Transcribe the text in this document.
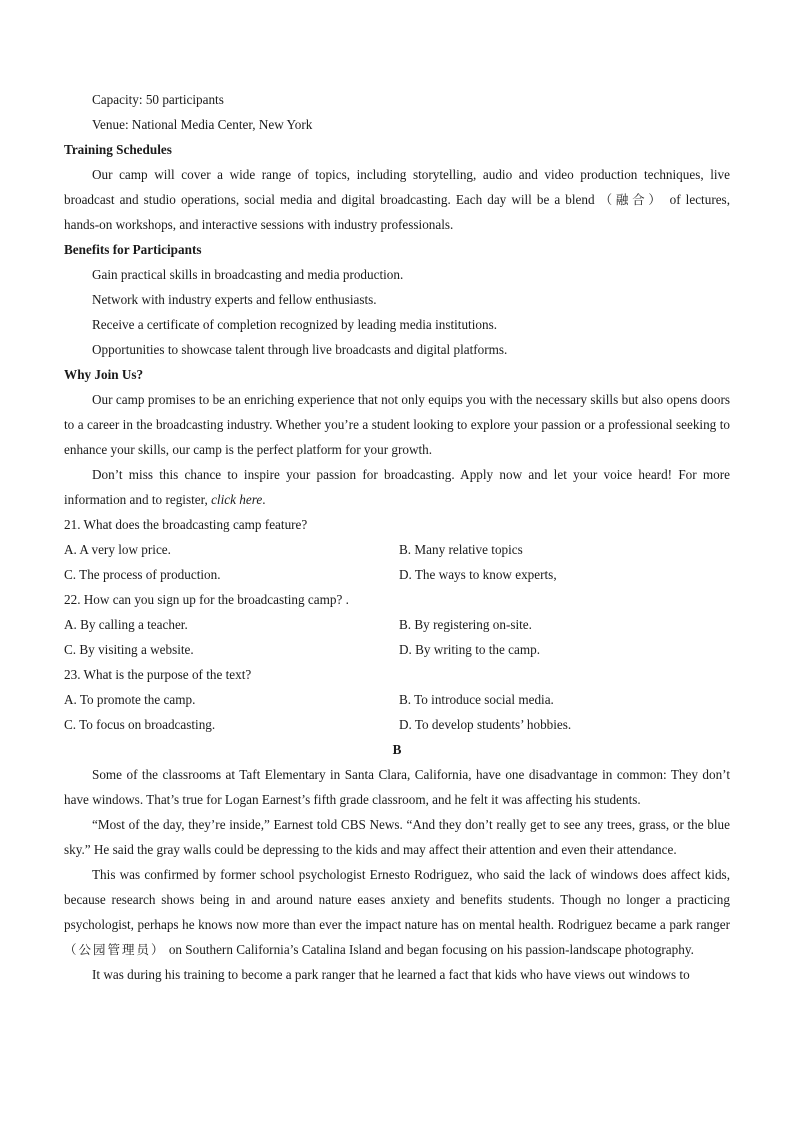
Capacity: 50 participants
Venue: National Media Center, New York
Training Schedules
Our camp will cover a wide range of topics, including storytelling, audio and video production techniques, live broadcast and studio operations, social media and digital broadcasting. Each day will be a blend （融合） of lectures, hands-on workshops, and interactive sessions with industry professionals.
Benefits for Participants
Gain practical skills in broadcasting and media production.
Network with industry experts and fellow enthusiasts.
Receive a certificate of completion recognized by leading media institutions.
Opportunities to showcase talent through live broadcasts and digital platforms.
Why Join Us?
Our camp promises to be an enriching experience that not only equips you with the necessary skills but also opens doors to a career in the broadcasting industry. Whether you’re a student looking to explore your passion or a professional seeking to enhance your skills, our camp is the perfect platform for your growth.
Don’t miss this chance to inspire your passion for broadcasting. Apply now and let your voice heard! For more information and to register, click here.
21. What does the broadcasting camp feature?
A. A very low price.	B. Many relative topics
C. The process of production.	D. The ways to know experts,
22. How can you sign up for the broadcasting camp? .
A. By calling a teacher.	B. By registering on-site.
C. By visiting a website.	D. By writing to the camp.
23. What is the purpose of the text?
A. To promote the camp.	B. To introduce social media.
C. To focus on broadcasting.	D. To develop students’ hobbies.
B
Some of the classrooms at Taft Elementary in Santa Clara, California, have one disadvantage in common: They don’t have windows. That’s true for Logan Earnest’s fifth grade classroom, and he felt it was affecting his students.
“Most of the day, they’re inside,” Earnest told CBS News. “And they don’t really get to see any trees, grass, or the blue sky.” He said the gray walls could be depressing to the kids and may affect their attention and even their attendance.
This was confirmed by former school psychologist Ernesto Rodriguez, who said the lack of windows does affect kids, because research shows being in and around nature eases anxiety and benefits students. Though no longer a practicing psychologist, perhaps he knows now more than ever the impact nature has on mental health. Rodriguez became a park ranger （公园管理员） on Southern California’s Catalina Island and began focusing on his passion-landscape photography.
It was during his training to become a park ranger that he learned a fact that kids who have views out windows to
